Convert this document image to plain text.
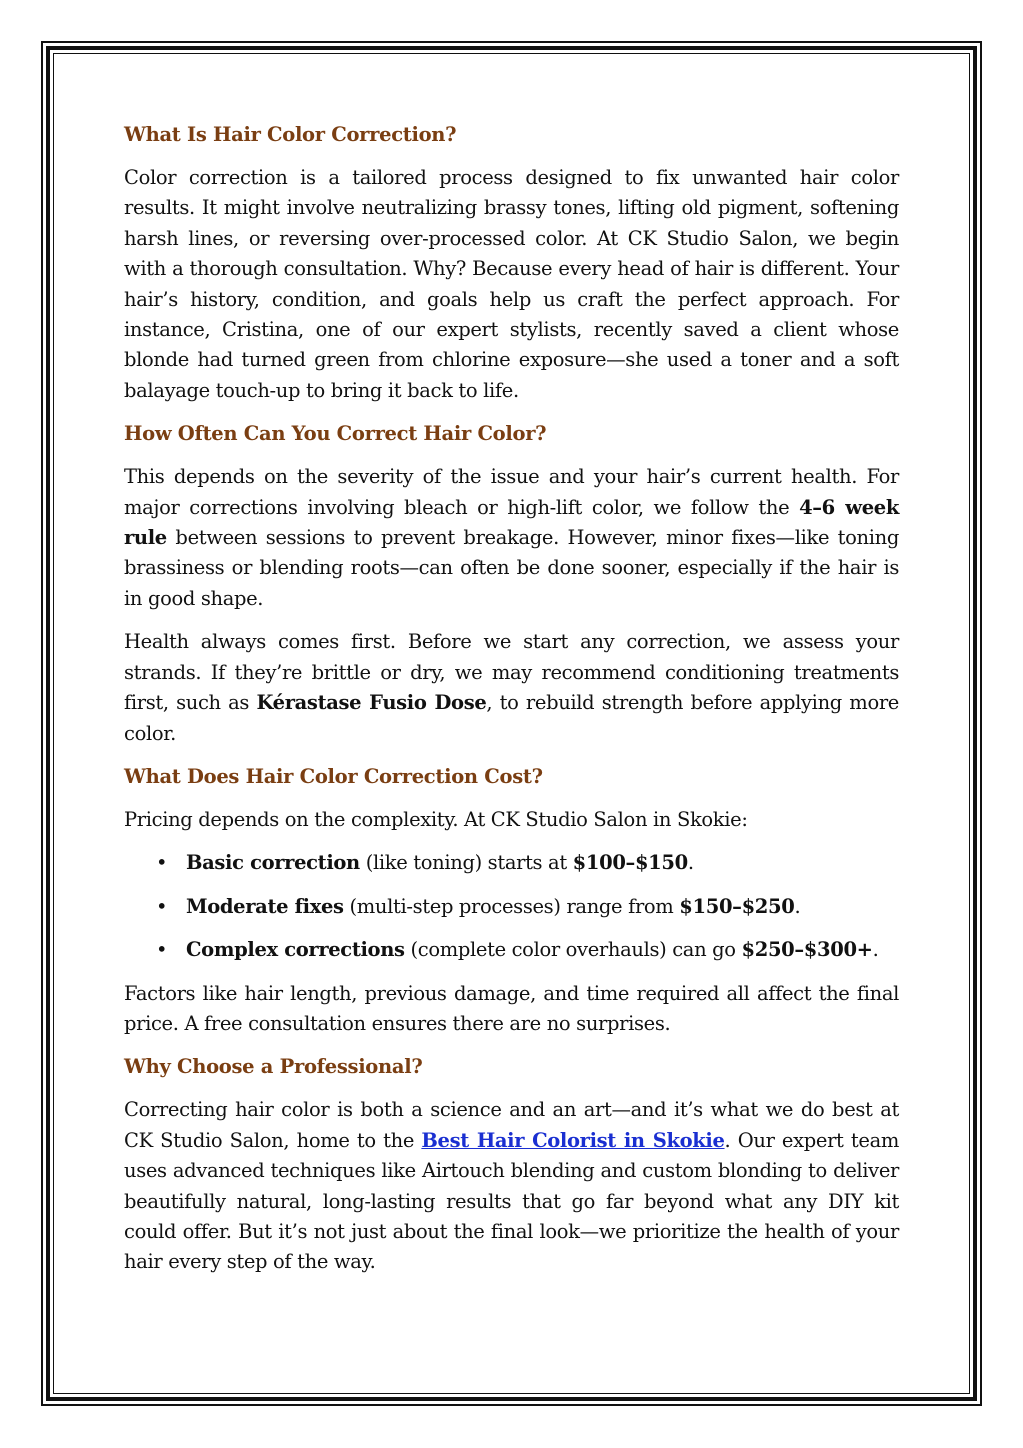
What Is Hair Color Correction?

Color correction is a tailored process designed to fix unwanted hair color results. It might involve neutralizing brassy tones, lifting old pigment, softening harsh lines, or reversing over-processed color. At CK Studio Salon, we begin with a thorough consultation. Why? Because every head of hair is different. Your hair’s history, condition, and goals help us craft the perfect approach. For instance, Cristina, one of our expert stylists, recently saved a client whose blonde had turned green from chlorine exposure—she used a toner and a soft balayage touch-up to bring it back to life.

How Often Can You Correct Hair Color?

This depends on the severity of the issue and your hair’s current health. For major corrections involving bleach or high-lift color, we follow the 4–6 week rule between sessions to prevent breakage. However, minor fixes—like toning brassiness or blending roots—can often be done sooner, especially if the hair is in good shape.

Health always comes first. Before we start any correction, we assess your strands. If they’re brittle or dry, we may recommend conditioning treatments first, such as Kérastase Fusio Dose, to rebuild strength before applying more color.

What Does Hair Color Correction Cost?

Pricing depends on the complexity. At CK Studio Salon in Skokie:

• Basic correction (like toning) starts at $100–$150.
• Moderate fixes (multi-step processes) range from $150–$250.
• Complex corrections (complete color overhauls) can go $250–$300+.

Factors like hair length, previous damage, and time required all affect the final price. A free consultation ensures there are no surprises.

Why Choose a Professional?

Correcting hair color is both a science and an art—and it’s what we do best at CK Studio Salon, home to the Best Hair Colorist in Skokie. Our expert team uses advanced techniques like Airtouch blending and custom blonding to deliver beautifully natural, long-lasting results that go far beyond what any DIY kit could offer. But it’s not just about the final look—we prioritize the health of your hair every step of the way.
